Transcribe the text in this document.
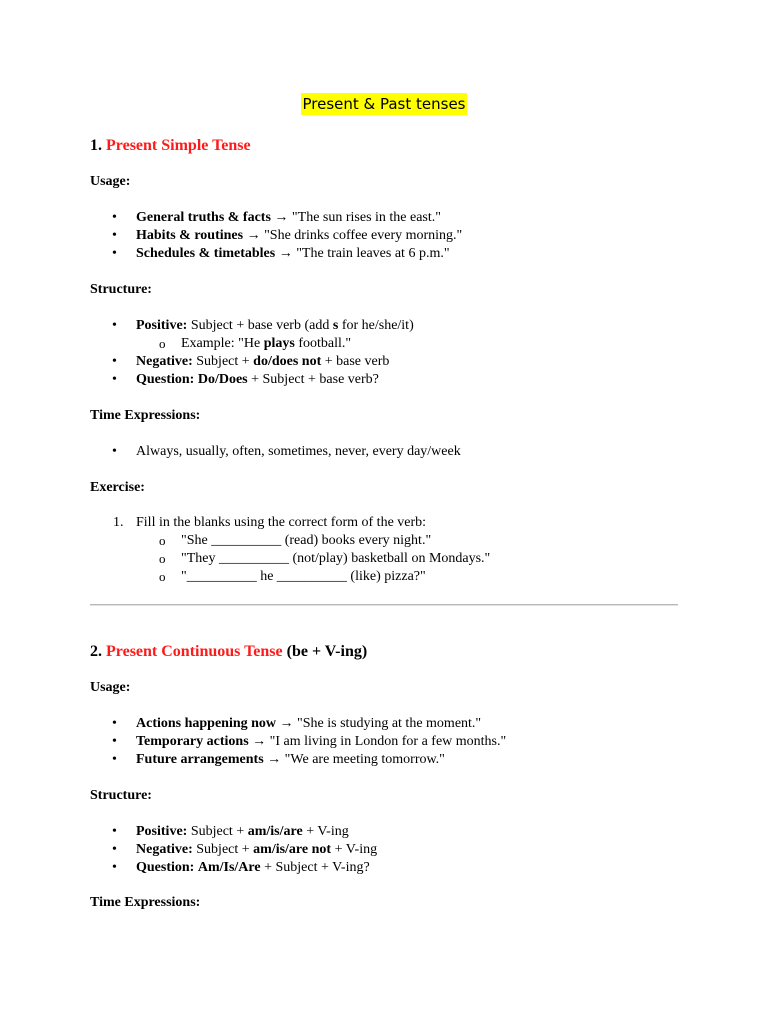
Present & Past tenses
1. Present Simple Tense
Usage:
• General truths & facts → "The sun rises in the east."
• Habits & routines → "She drinks coffee every morning."
• Schedules & timetables → "The train leaves at 6 p.m."
Structure:
• Positive: Subject + base verb (add s for he/she/it)
o Example: "He plays football."
• Negative: Subject + do/does not + base verb
• Question: Do/Does + Subject + base verb?
Time Expressions:
• Always, usually, often, sometimes, never, every day/week
Exercise:
1. Fill in the blanks using the correct form of the verb:
o "She __________ (read) books every night."
o "They __________ (not/play) basketball on Mondays."
o "__________ he __________ (like) pizza?"
2. Present Continuous Tense (be + V-ing)
Usage:
• Actions happening now → "She is studying at the moment."
• Temporary actions → "I am living in London for a few months."
• Future arrangements → "We are meeting tomorrow."
Structure:
• Positive: Subject + am/is/are + V-ing
• Negative: Subject + am/is/are not + V-ing
• Question: Am/Is/Are + Subject + V-ing?
Time Expressions:
